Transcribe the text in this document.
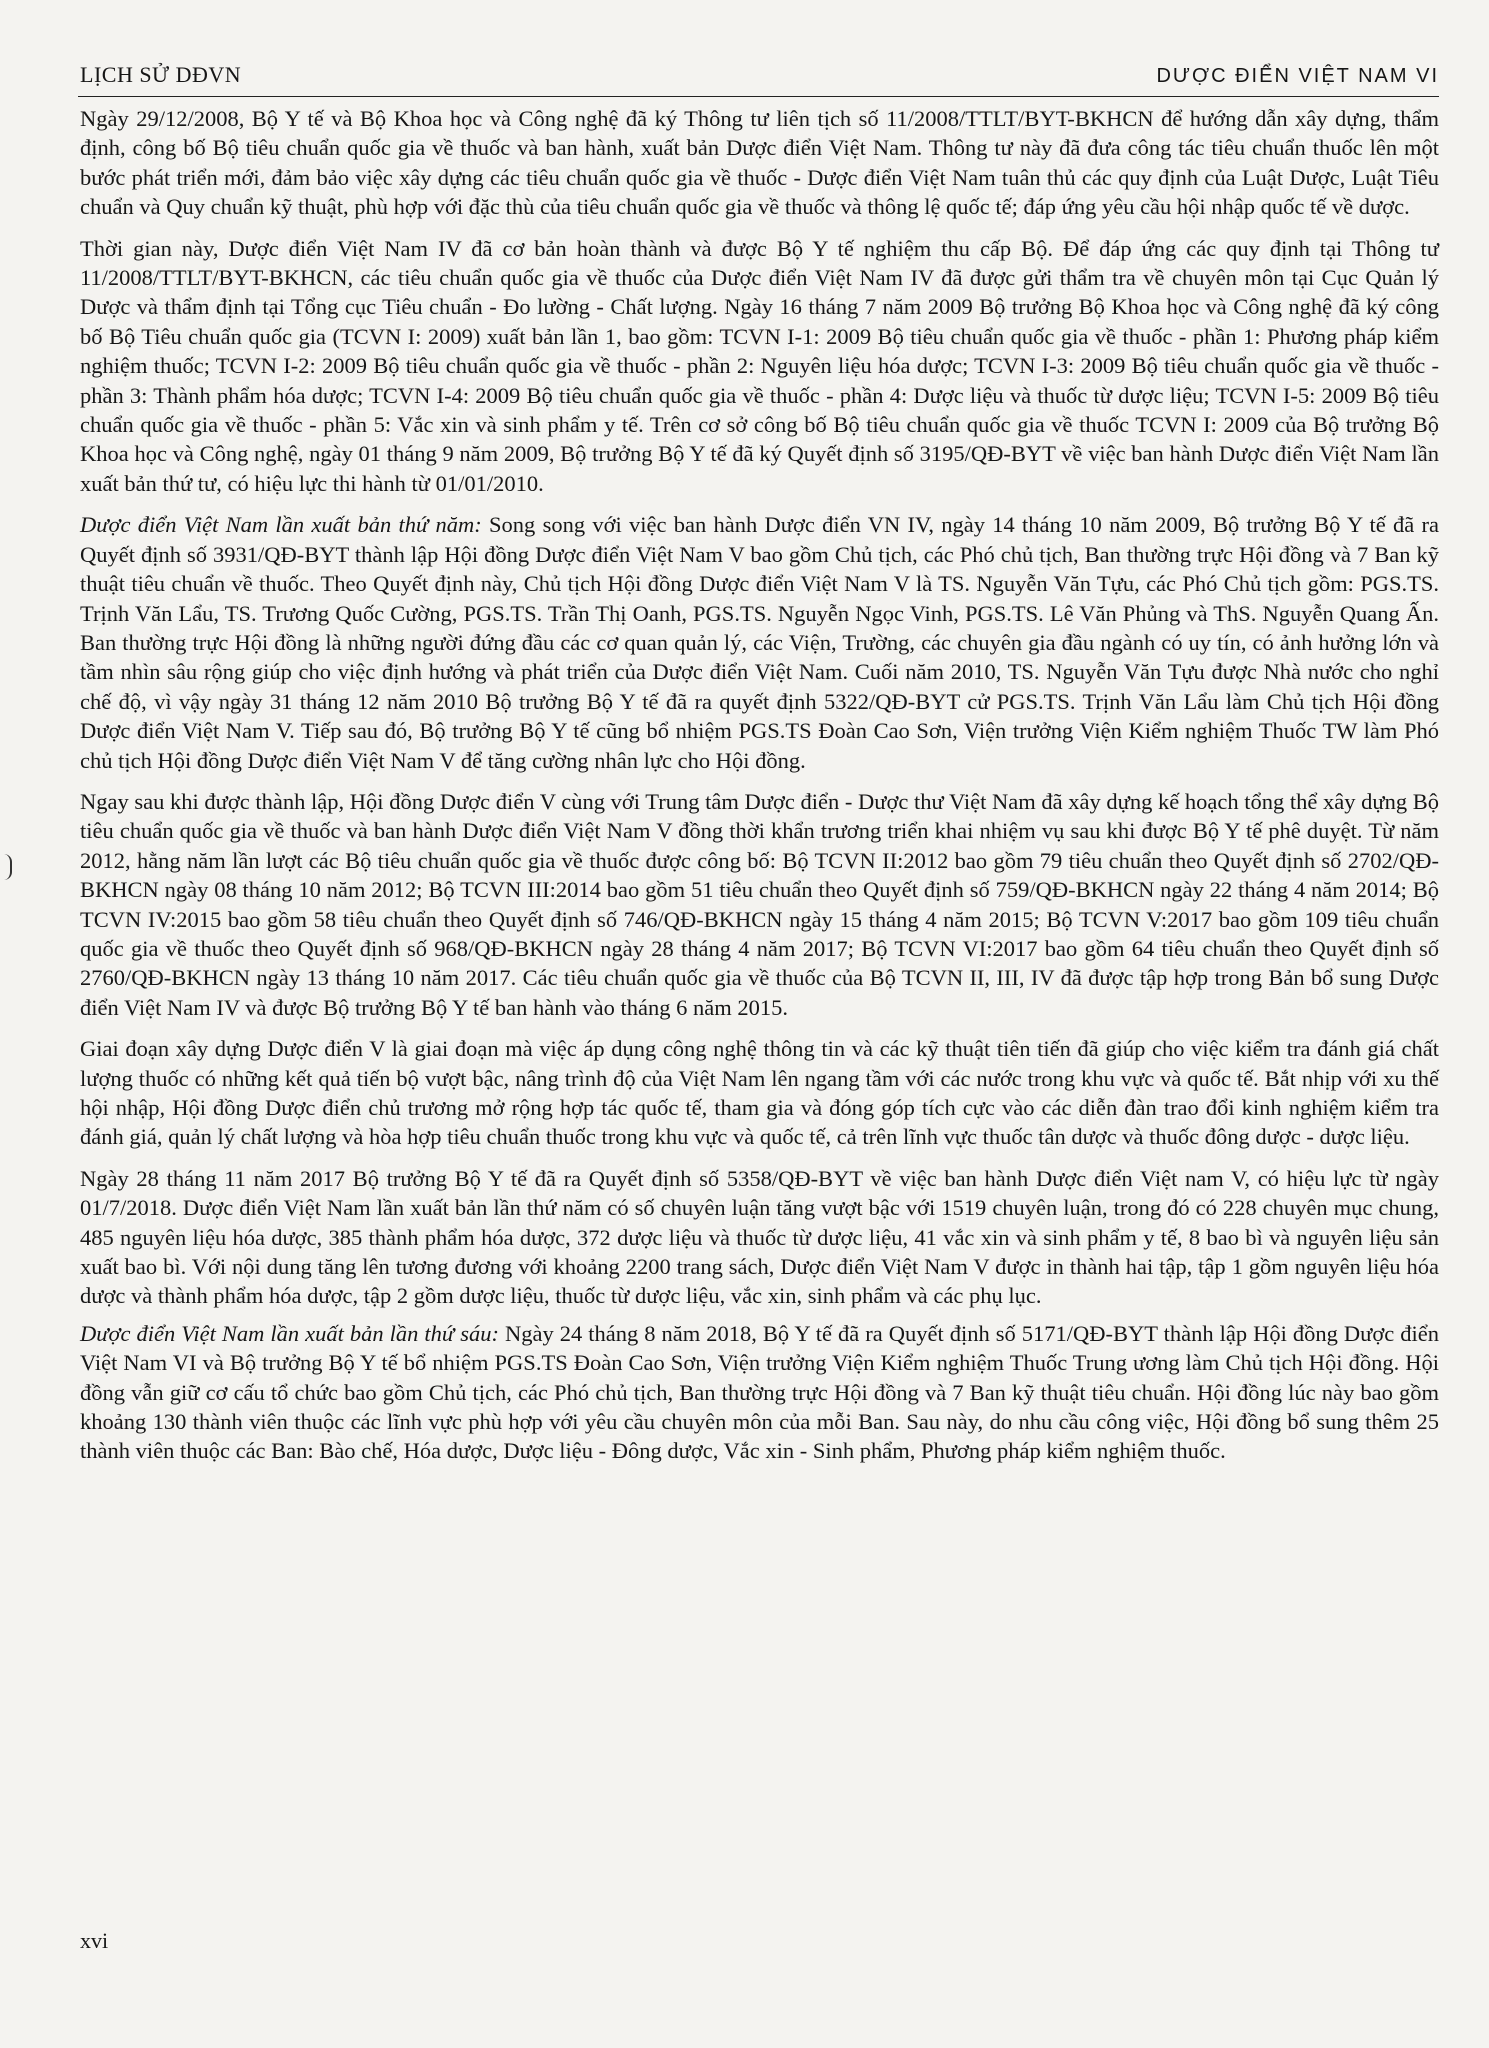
LỊCH SỬ DĐVN	DƯỢC ĐIỂN VIỆT NAM VI

Ngày 29/12/2008, Bộ Y tế và Bộ Khoa học và Công nghệ đã ký Thông tư liên tịch số 11/2008/TTLT/BYT-BKHCN để hướng dẫn xây dựng, thẩm định, công bố Bộ tiêu chuẩn quốc gia về thuốc và ban hành, xuất bản Dược điển Việt Nam. Thông tư này đã đưa công tác tiêu chuẩn thuốc lên một bước phát triển mới, đảm bảo việc xây dựng các tiêu chuẩn quốc gia về thuốc - Dược điển Việt Nam tuân thủ các quy định của Luật Dược, Luật Tiêu chuẩn và Quy chuẩn kỹ thuật, phù hợp với đặc thù của tiêu chuẩn quốc gia về thuốc và thông lệ quốc tế; đáp ứng yêu cầu hội nhập quốc tế về dược.

Thời gian này, Dược điển Việt Nam IV đã cơ bản hoàn thành và được Bộ Y tế nghiệm thu cấp Bộ. Để đáp ứng các quy định tại Thông tư 11/2008/TTLT/BYT-BKHCN, các tiêu chuẩn quốc gia về thuốc của Dược điển Việt Nam IV đã được gửi thẩm tra về chuyên môn tại Cục Quản lý Dược và thẩm định tại Tổng cục Tiêu chuẩn - Đo lường - Chất lượng. Ngày 16 tháng 7 năm 2009 Bộ trưởng Bộ Khoa học và Công nghệ đã ký công bố Bộ Tiêu chuẩn quốc gia (TCVN I: 2009) xuất bản lần 1, bao gồm: TCVN I-1: 2009 Bộ tiêu chuẩn quốc gia về thuốc - phần 1: Phương pháp kiểm nghiệm thuốc; TCVN I-2: 2009 Bộ tiêu chuẩn quốc gia về thuốc - phần 2: Nguyên liệu hóa dược; TCVN I-3: 2009 Bộ tiêu chuẩn quốc gia về thuốc - phần 3: Thành phẩm hóa dược; TCVN I-4: 2009 Bộ tiêu chuẩn quốc gia về thuốc - phần 4: Dược liệu và thuốc từ dược liệu; TCVN I-5: 2009 Bộ tiêu chuẩn quốc gia về thuốc - phần 5: Vắc xin và sinh phẩm y tế. Trên cơ sở công bố Bộ tiêu chuẩn quốc gia về thuốc TCVN I: 2009 của Bộ trưởng Bộ Khoa học và Công nghệ, ngày 01 tháng 9 năm 2009, Bộ trưởng Bộ Y tế đã ký Quyết định số 3195/QĐ-BYT về việc ban hành Dược điển Việt Nam lần xuất bản thứ tư, có hiệu lực thi hành từ 01/01/2010.

Dược điển Việt Nam lần xuất bản thứ năm: Song song với việc ban hành Dược điển VN IV, ngày 14 tháng 10 năm 2009, Bộ trưởng Bộ Y tế đã ra Quyết định số 3931/QĐ-BYT thành lập Hội đồng Dược điển Việt Nam V bao gồm Chủ tịch, các Phó chủ tịch, Ban thường trực Hội đồng và 7 Ban kỹ thuật tiêu chuẩn về thuốc. Theo Quyết định này, Chủ tịch Hội đồng Dược điển Việt Nam V là TS. Nguyễn Văn Tựu, các Phó Chủ tịch gồm: PGS.TS. Trịnh Văn Lẩu, TS. Trương Quốc Cường, PGS.TS. Trần Thị Oanh, PGS.TS. Nguyễn Ngọc Vinh, PGS.TS. Lê Văn Phủng và ThS. Nguyễn Quang Ấn. Ban thường trực Hội đồng là những người đứng đầu các cơ quan quản lý, các Viện, Trường, các chuyên gia đầu ngành có uy tín, có ảnh hưởng lớn và tầm nhìn sâu rộng giúp cho việc định hướng và phát triển của Dược điển Việt Nam. Cuối năm 2010, TS. Nguyễn Văn Tựu được Nhà nước cho nghỉ chế độ, vì vậy ngày 31 tháng 12 năm 2010 Bộ trưởng Bộ Y tế đã ra quyết định 5322/QĐ-BYT cử PGS.TS. Trịnh Văn Lẩu làm Chủ tịch Hội đồng Dược điển Việt Nam V. Tiếp sau đó, Bộ trưởng Bộ Y tế cũng bổ nhiệm PGS.TS Đoàn Cao Sơn, Viện trưởng Viện Kiểm nghiệm Thuốc TW làm Phó chủ tịch Hội đồng Dược điển Việt Nam V để tăng cường nhân lực cho Hội đồng.

Ngay sau khi được thành lập, Hội đồng Dược điển V cùng với Trung tâm Dược điển - Dược thư Việt Nam đã xây dựng kế hoạch tổng thể xây dựng Bộ tiêu chuẩn quốc gia về thuốc và ban hành Dược điển Việt Nam V đồng thời khẩn trương triển khai nhiệm vụ sau khi được Bộ Y tế phê duyệt. Từ năm 2012, hằng năm lần lượt các Bộ tiêu chuẩn quốc gia về thuốc được công bố: Bộ TCVN II:2012 bao gồm 79 tiêu chuẩn theo Quyết định số 2702/QĐ-BKHCN ngày 08 tháng 10 năm 2012; Bộ TCVN III:2014 bao gồm 51 tiêu chuẩn theo Quyết định số 759/QĐ-BKHCN ngày 22 tháng 4 năm 2014; Bộ TCVN IV:2015 bao gồm 58 tiêu chuẩn theo Quyết định số 746/QĐ-BKHCN ngày 15 tháng 4 năm 2015; Bộ TCVN V:2017 bao gồm 109 tiêu chuẩn quốc gia về thuốc theo Quyết định số 968/QĐ-BKHCN ngày 28 tháng 4 năm 2017; Bộ TCVN VI:2017 bao gồm 64 tiêu chuẩn theo Quyết định số 2760/QĐ-BKHCN ngày 13 tháng 10 năm 2017. Các tiêu chuẩn quốc gia về thuốc của Bộ TCVN II, III, IV đã được tập hợp trong Bản bổ sung Dược điển Việt Nam IV và được Bộ trưởng Bộ Y tế ban hành vào tháng 6 năm 2015.

Giai đoạn xây dựng Dược điển V là giai đoạn mà việc áp dụng công nghệ thông tin và các kỹ thuật tiên tiến đã giúp cho việc kiểm tra đánh giá chất lượng thuốc có những kết quả tiến bộ vượt bậc, nâng trình độ của Việt Nam lên ngang tầm với các nước trong khu vực và quốc tế. Bắt nhịp với xu thế hội nhập, Hội đồng Dược điển chủ trương mở rộng hợp tác quốc tế, tham gia và đóng góp tích cực vào các diễn đàn trao đổi kinh nghiệm kiểm tra đánh giá, quản lý chất lượng và hòa hợp tiêu chuẩn thuốc trong khu vực và quốc tế, cả trên lĩnh vực thuốc tân dược và thuốc đông dược - dược liệu.

Ngày 28 tháng 11 năm 2017 Bộ trưởng Bộ Y tế đã ra Quyết định số 5358/QĐ-BYT về việc ban hành Dược điển Việt nam V, có hiệu lực từ ngày 01/7/2018. Dược điển Việt Nam lần xuất bản lần thứ năm có số chuyên luận tăng vượt bậc với 1519 chuyên luận, trong đó có 228 chuyên mục chung, 485 nguyên liệu hóa dược, 385 thành phẩm hóa dược, 372 dược liệu và thuốc từ dược liệu, 41 vắc xin và sinh phẩm y tế, 8 bao bì và nguyên liệu sản xuất bao bì. Với nội dung tăng lên tương đương với khoảng 2200 trang sách, Dược điển Việt Nam V được in thành hai tập, tập 1 gồm nguyên liệu hóa dược và thành phẩm hóa dược, tập 2 gồm dược liệu, thuốc từ dược liệu, vắc xin, sinh phẩm và các phụ lục.

Dược điển Việt Nam lần xuất bản lần thứ sáu: Ngày 24 tháng 8 năm 2018, Bộ Y tế đã ra Quyết định số 5171/QĐ-BYT thành lập Hội đồng Dược điển Việt Nam VI và Bộ trưởng Bộ Y tế bổ nhiệm PGS.TS Đoàn Cao Sơn, Viện trưởng Viện Kiểm nghiệm Thuốc Trung ương làm Chủ tịch Hội đồng. Hội đồng vẫn giữ cơ cấu tổ chức bao gồm Chủ tịch, các Phó chủ tịch, Ban thường trực Hội đồng và 7 Ban kỹ thuật tiêu chuẩn. Hội đồng lúc này bao gồm khoảng 130 thành viên thuộc các lĩnh vực phù hợp với yêu cầu chuyên môn của mỗi Ban. Sau này, do nhu cầu công việc, Hội đồng bổ sung thêm 25 thành viên thuộc các Ban: Bào chế, Hóa dược, Dược liệu - Đông dược, Vắc xin - Sinh phẩm, Phương pháp kiểm nghiệm thuốc.

xvi
